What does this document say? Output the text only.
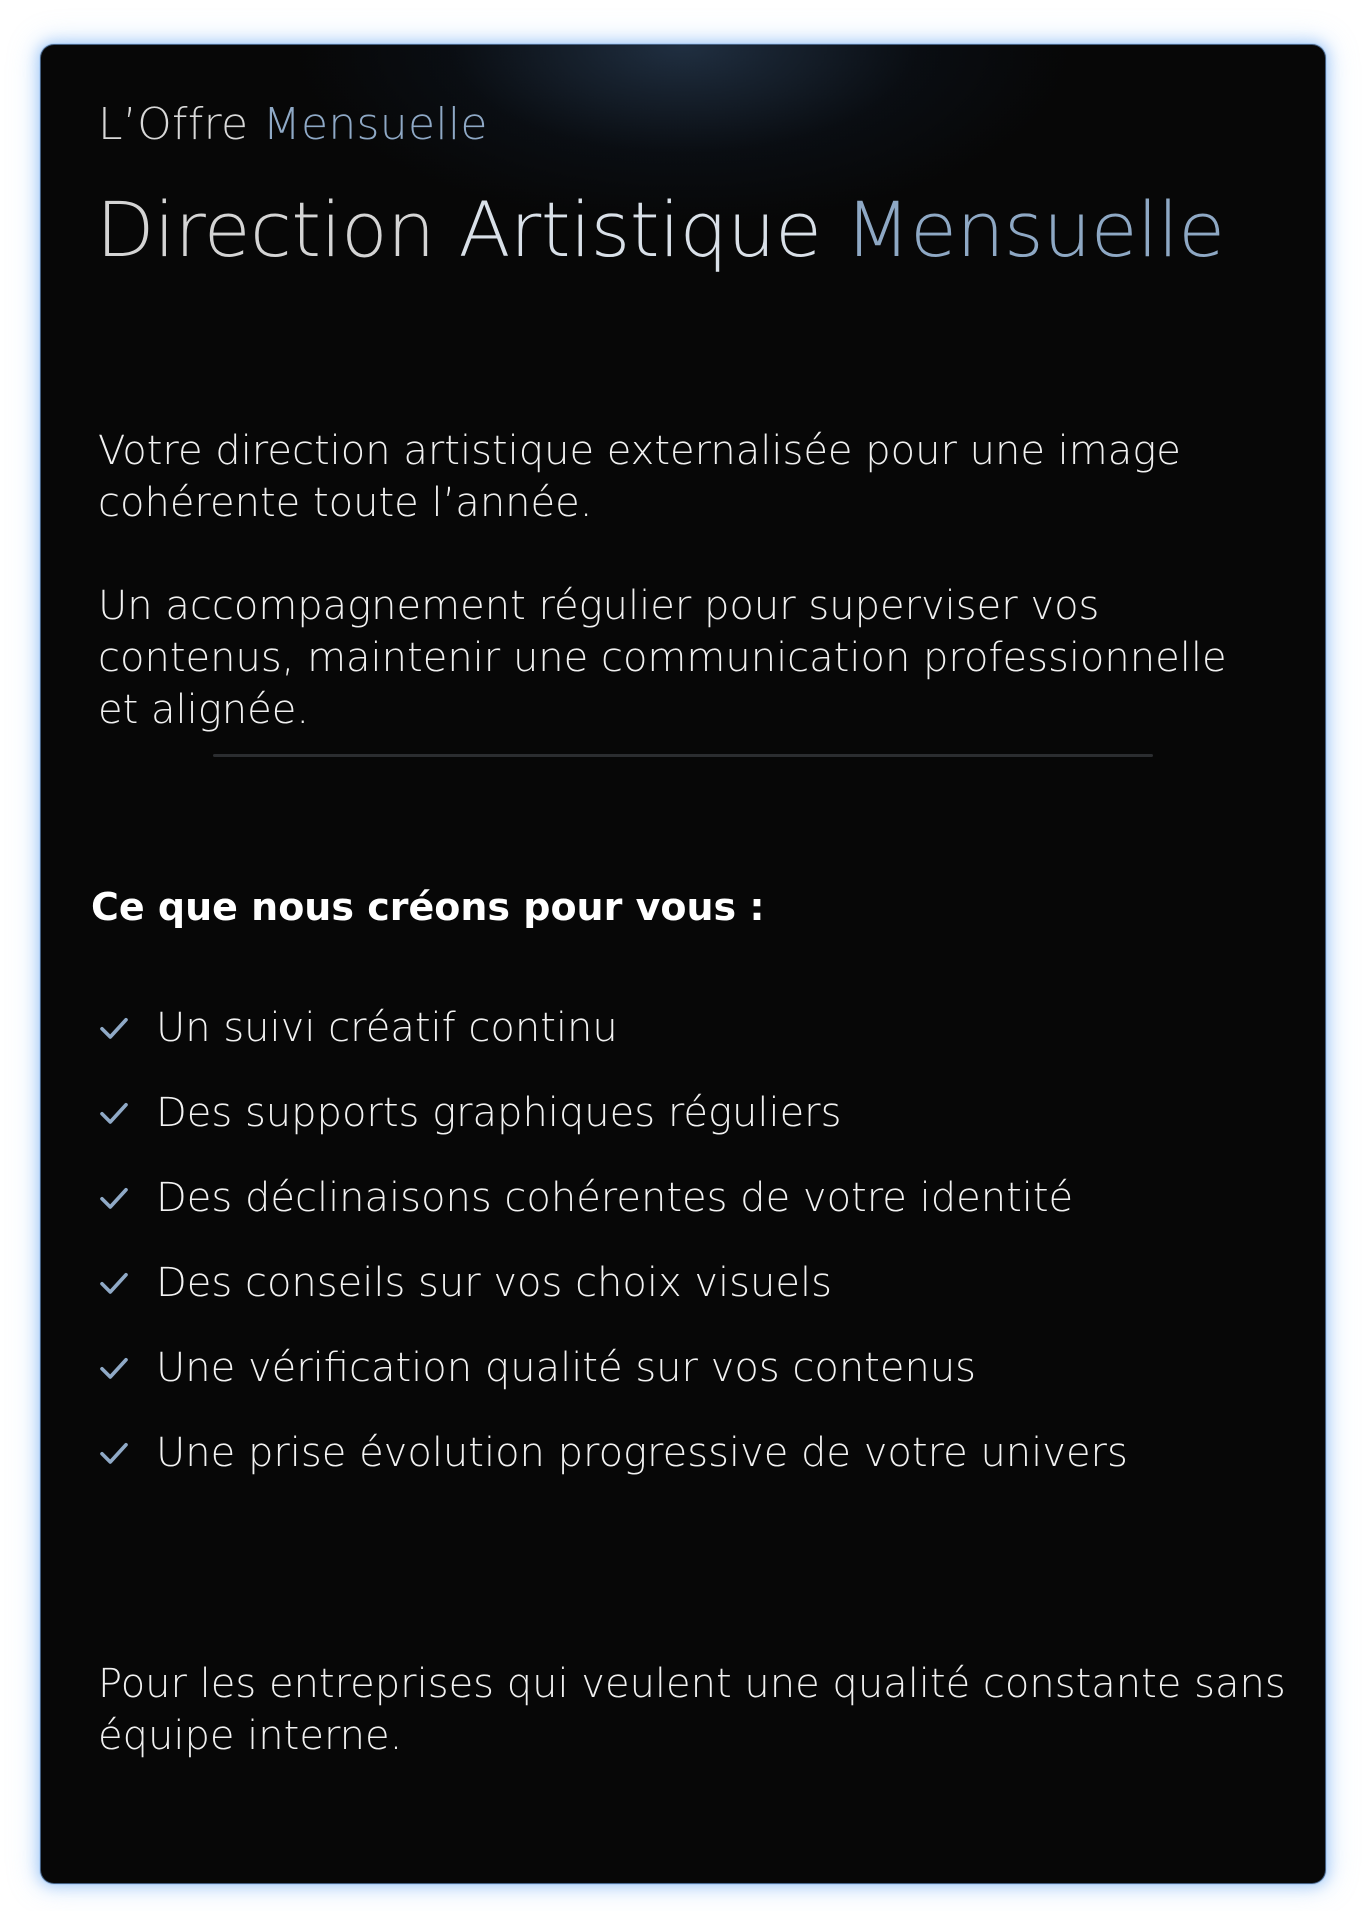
L’Offre Mensuelle
Direction Artistique Mensuelle

Votre direction artistique externalisée pour une image cohérente toute l’année.

Un accompagnement régulier pour superviser vos contenus, maintenir une communication professionnelle et alignée.

Ce que nous créons pour vous :
Un suivi créatif continu
Des supports graphiques réguliers
Des déclinaisons cohérentes de votre identité
Des conseils sur vos choix visuels
Une vérification qualité sur vos contenus
Une prise évolution progressive de votre univers

Pour les entreprises qui veulent une qualité constante sans équipe interne.
